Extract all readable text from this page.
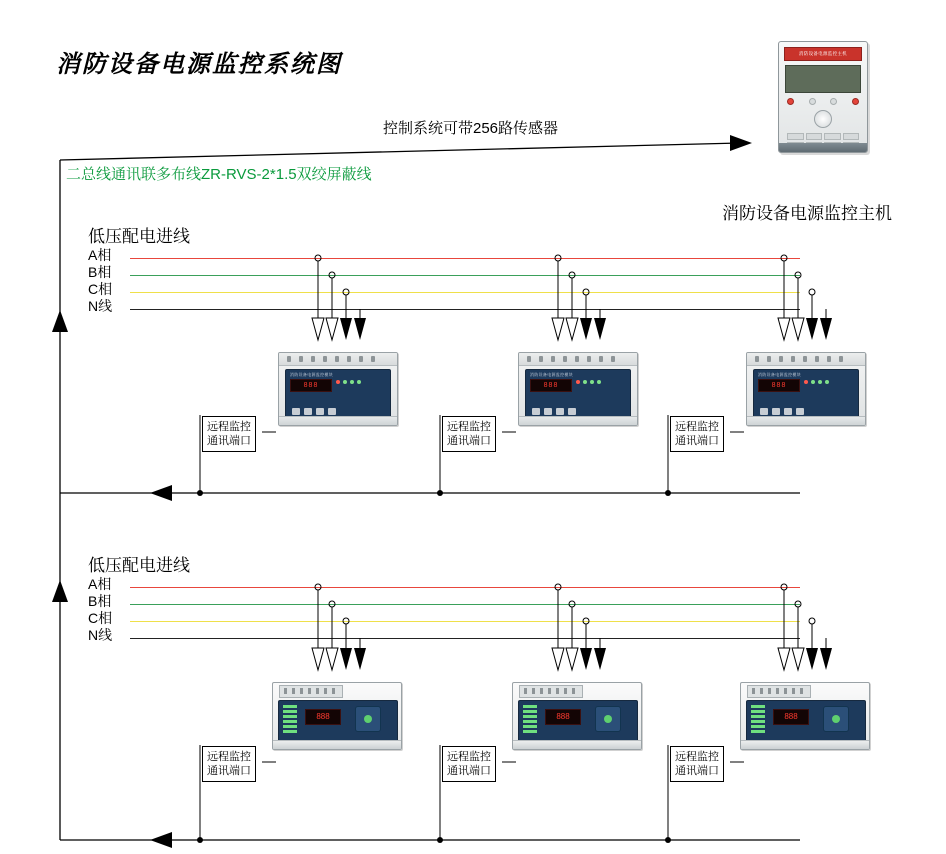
消防设备电源监控系统图	消防设备电源监控主机
消防设备电源监控主机
控制系统可带256路传感器
二总线通讯联多布线ZR-RVS-2*1.5双绞屏蔽线
低压配电进线
A相
B相
C相
N线
消防设备电源监控模块
888
消防设备电源监控模块
888
消防设备电源监控模块
888
远程监控
通讯端口
远程监控
通讯端口
远程监控
通讯端口
低压配电进线
A相
B相
C相
N线
888	888	888
远程监控
通讯端口
远程监控
通讯端口
远程监控
通讯端口
